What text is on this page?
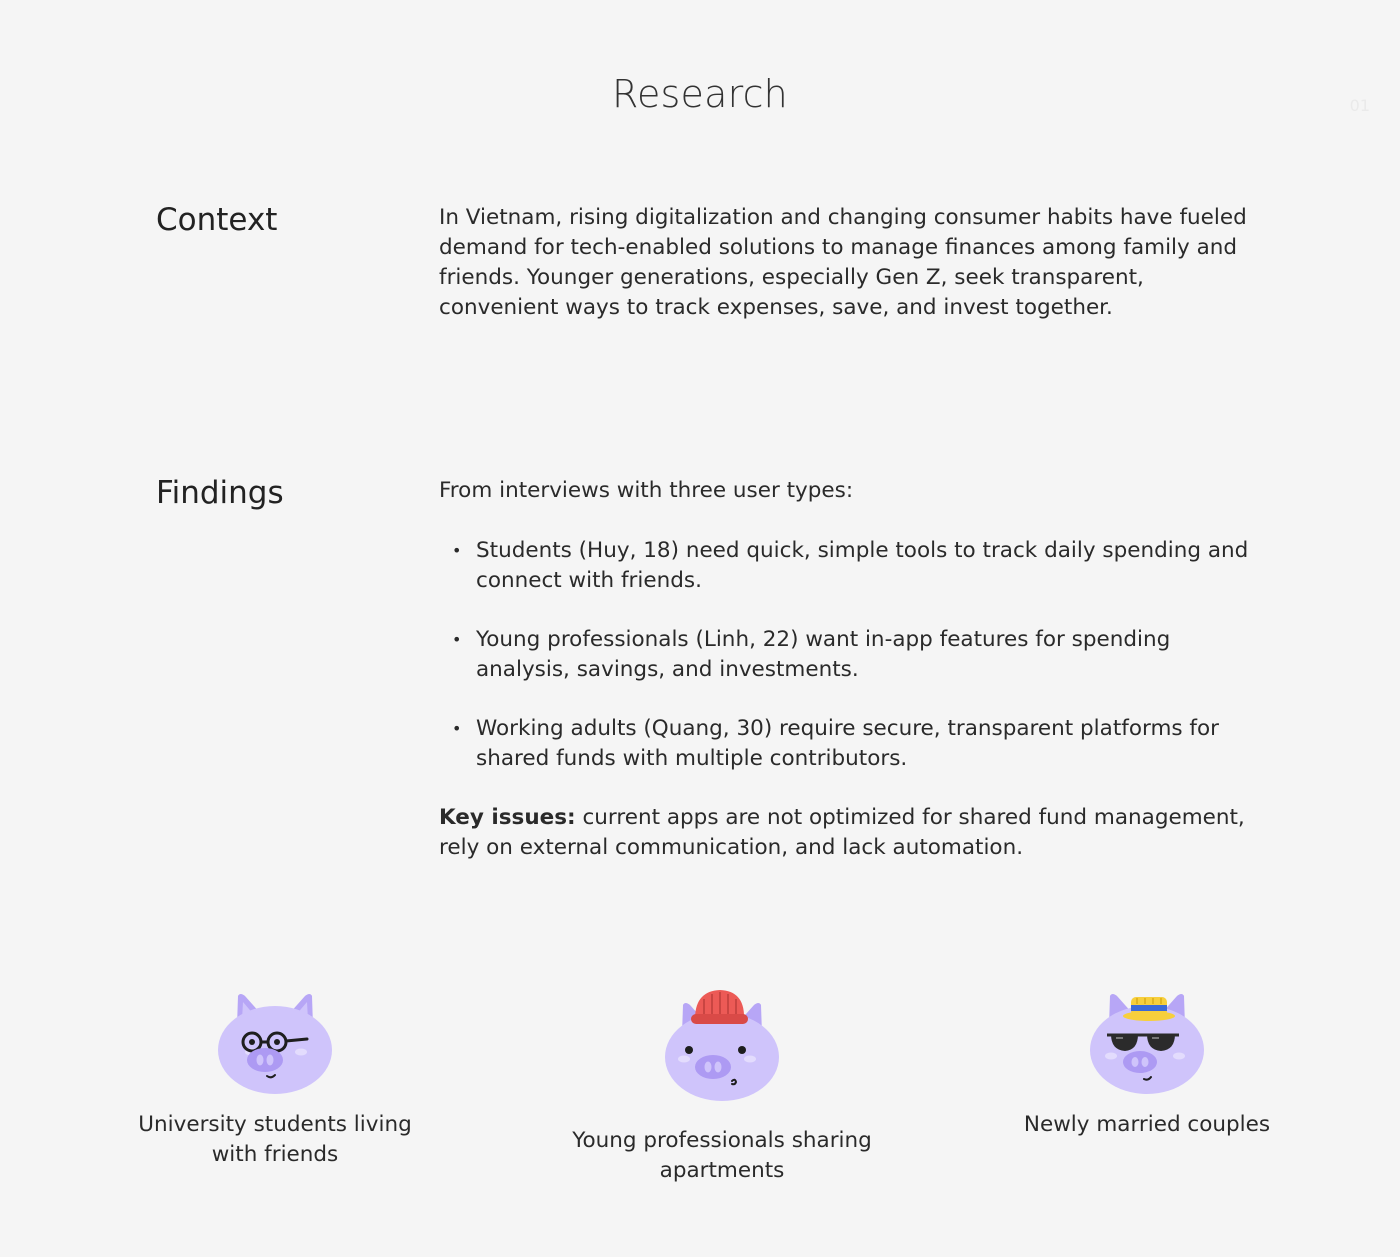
Research	01
Context	In Vietnam, rising digitalization and changing consumer habits have fueled demand for tech-enabled solutions to manage finances among family and friends. Younger generations, especially Gen Z, seek transparent, convenient ways to track expenses, save, and invest together.

Findings	From interviews with three user types:

• Students (Huy, 18) need quick, simple tools to track daily spending and connect with friends.
• Young professionals (Linh, 22) want in-app features for spending analysis, savings, and investments.
• Working adults (Quang, 30) require secure, transparent platforms for shared funds with multiple contributors.

Key issues: current apps are not optimized for shared fund management, rely on external communication, and lack automation.

University students living with friends
Young professionals sharing apartments
Newly married couples
